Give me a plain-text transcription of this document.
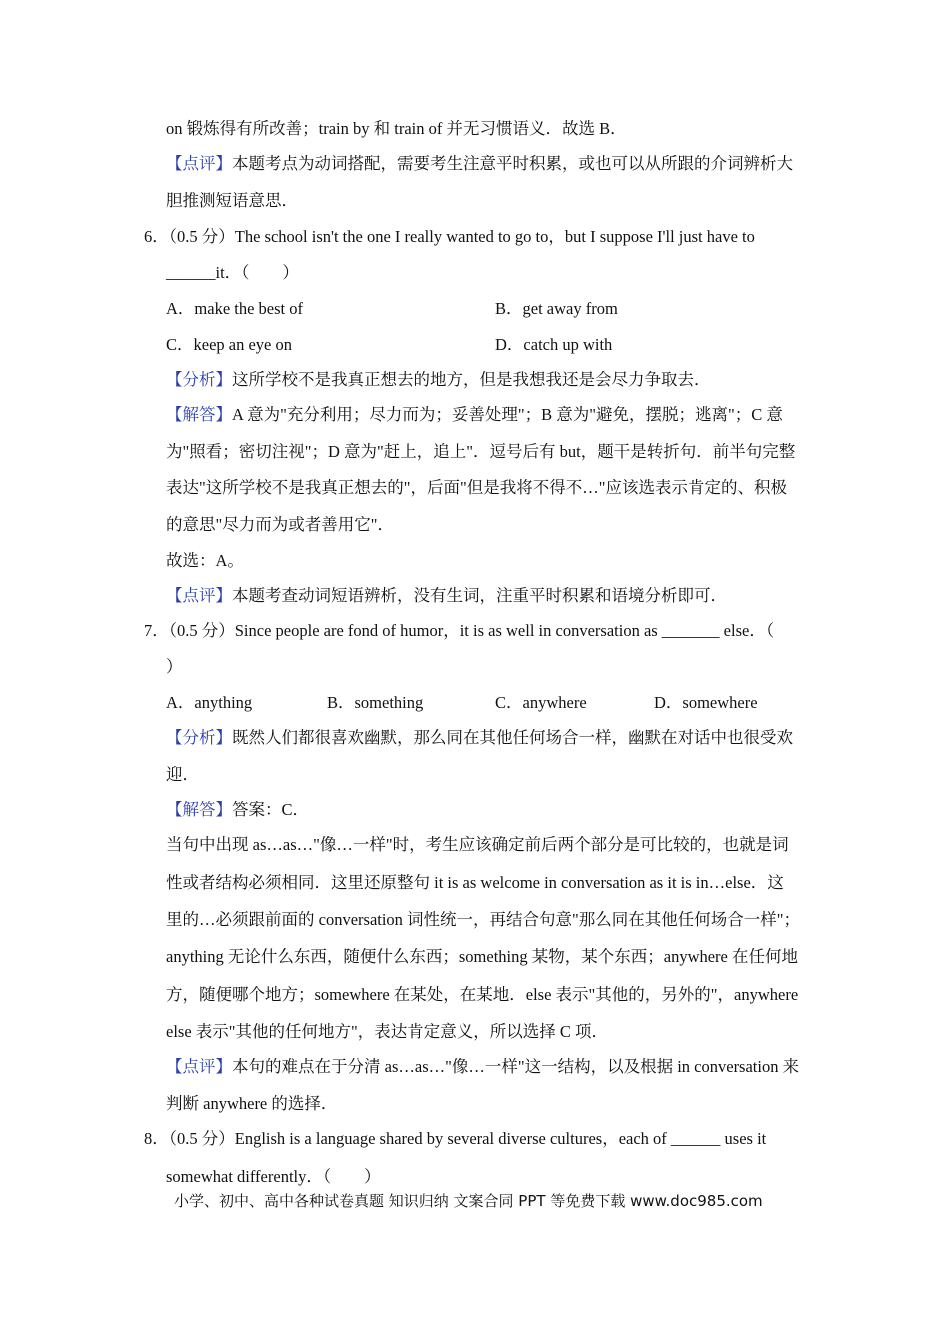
on 锻炼得有所改善；train by 和 train of 并无习惯语义．故选 B．
【点评】本题考点为动词搭配，需要考生注意平时积累，或也可以从所跟的介词辨析大
胆推测短语意思．
6．（0.5 分）The school isn't the one I really wanted to go to，but I suppose I'll just have to
______it．（　　）
A．make the best of	B．get away from
C．keep an eye on	D．catch up with
【分析】这所学校不是我真正想去的地方，但是我想我还是会尽力争取去．
【解答】A 意为"充分利用；尽力而为；妥善处理"；B 意为"避免，摆脱；逃离"；C 意
为"照看；密切注视"；D 意为"赶上，追上"．逗号后有 but，题干是转折句．前半句完整
表达"这所学校不是我真正想去的"，后面"但是我将不得不…"应该选表示肯定的、积极
的意思"尽力而为或者善用它"．
故选：A。
【点评】本题考查动词短语辨析，没有生词，注重平时积累和语境分析即可．
7．（0.5 分）Since people are fond of humor，it is as well in conversation as _______ else．（
）
A．anything	B．something	C．anywhere	D．somewhere
【分析】既然人们都很喜欢幽默，那么同在其他任何场合一样，幽默在对话中也很受欢
迎．
【解答】答案：C．
当句中出现 as…as…"像…一样"时，考生应该确定前后两个部分是可比较的，也就是词
性或者结构必须相同．这里还原整句 it is as welcome in conversation as it is in…else．这
里的…必须跟前面的 conversation 词性统一，再结合句意"那么同在其他任何场合一样"；
anything 无论什么东西，随便什么东西；something 某物，某个东西；anywhere 在任何地
方，随便哪个地方；somewhere 在某处，在某地．else 表示"其他的，另外的"，anywhere
else 表示"其他的任何地方"，表达肯定意义，所以选择 C 项．
【点评】本句的难点在于分清 as…as…"像…一样"这一结构，以及根据 in conversation 来
判断 anywhere 的选择．
8．（0.5 分）English is a language shared by several diverse cultures，each of ______ uses it
somewhat differently．（　　）
小学、初中、高中各种试卷真题 知识归纳 文案合同 PPT 等免费下载 www.doc985.com
